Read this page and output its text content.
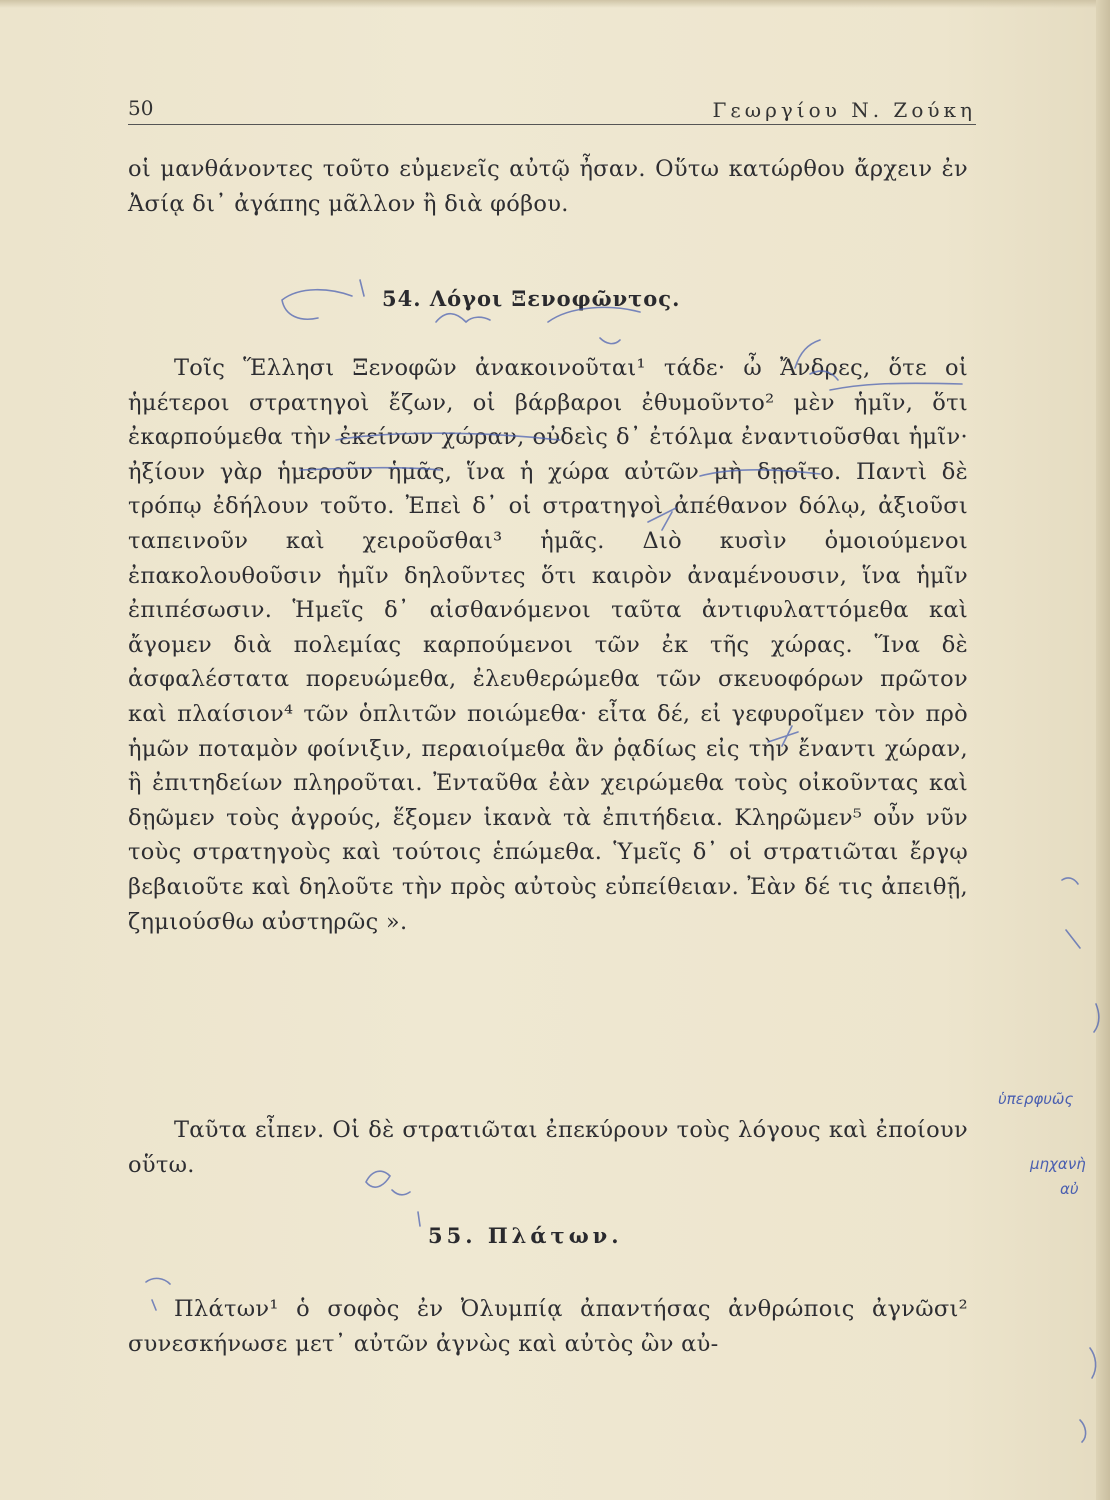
50	Γεωργίου Ν. Ζούκη
οἱ μανθάνοντες τοῦτο εὐμενεῖς αὐτῷ ἦσαν. Οὕτω κατώρθου ἄρχειν ἐν Ἀσίᾳ δι᾿ ἀγάπης μᾶλλον ἢ διὰ φόβου.
54. Λόγοι Ξενοφῶντος.
Τοῖς Ἕλλησι Ξενοφῶν ἀνακοινοῦται¹ τάδε· ὦ Ἄνδρες, ὅτε οἱ ἡμέτεροι στρατηγοὶ ἔζων, οἱ βάρβαροι ἐθυμοῦντο² μὲν ἡμῖν, ὅτι ἐκαρπούμεθα τὴν ἐκείνων χώραν, οὐδεὶς δ᾿ ἐτόλμα ἐναντιοῦσθαι ἡμῖν· ἠξίουν γὰρ ἡμεροῦν ἡμᾶς, ἵνα ἡ χώρα αὐτῶν μὴ δῃοῖτο. Παντὶ δὲ τρόπῳ ἐδήλουν τοῦτο. Ἐπεὶ δ᾿ οἱ στρατηγοὶ ἀπέθανον δόλῳ, ἀξιοῦσι ταπεινοῦν καὶ χειροῦσθαι³ ἡμᾶς. Διὸ κυσὶν ὁμοιούμενοι ἐπακολουθοῦσιν ἡμῖν δηλοῦντες ὅτι καιρὸν ἀναμένουσιν, ἵνα ἡμῖν ἐπιπέσωσιν. Ἡμεῖς δ᾿ αἰσθανόμενοι ταῦτα ἀντιφυλαττόμεθα καὶ ἄγομεν διὰ πολεμίας καρπούμενοι τῶν ἐκ τῆς χώρας. Ἵνα δὲ ἀσφαλέστατα πορευώμεθα, ἐλευθερώμεθα τῶν σκευοφόρων πρῶτον καὶ πλαίσιον⁴ τῶν ὁπλιτῶν ποιώμεθα· εἶτα δέ, εἰ γεφυροῖμεν τὸν πρὸ ἡμῶν ποταμὸν φοίνιξιν, περαιοίμεθα ἂν ῥᾳδίως εἰς τὴν ἔναντι χώραν, ἣ ἐπιτηδείων πληροῦται. Ἐνταῦθα ἐὰν χειρώμεθα τοὺς οἰκοῦντας καὶ δῃῶμεν τοὺς ἀγρούς, ἕξομεν ἱκανὰ τὰ ἐπιτήδεια. Κληρῶμεν⁵ οὖν νῦν τοὺς στρατηγοὺς καὶ τούτοις ἑπώμεθα. Ὑμεῖς δ᾿ οἱ στρατιῶται ἔργῳ βεβαιοῦτε καὶ δηλοῦτε τὴν πρὸς αὐτοὺς εὐπείθειαν. Ἐὰν δέ τις ἀπειθῇ, ζημιούσθω αὐστηρῶς ».
Ταῦτα εἶπεν. Οἱ δὲ στρατιῶται ἐπεκύρουν τοὺς λόγους καὶ ἐποίουν οὕτω.
55. Πλάτων.
Πλάτων¹ ὁ σοφὸς ἐν Ὀλυμπίᾳ ἀπαντήσας ἀνθρώποις ἀγνῶσι² συνεσκήνωσε μετ᾿ αὐτῶν ἀγνὼς καὶ αὐτὸς ὢν αὐ-
ὑπερφυῶς
μηχανὴ
αὐ
